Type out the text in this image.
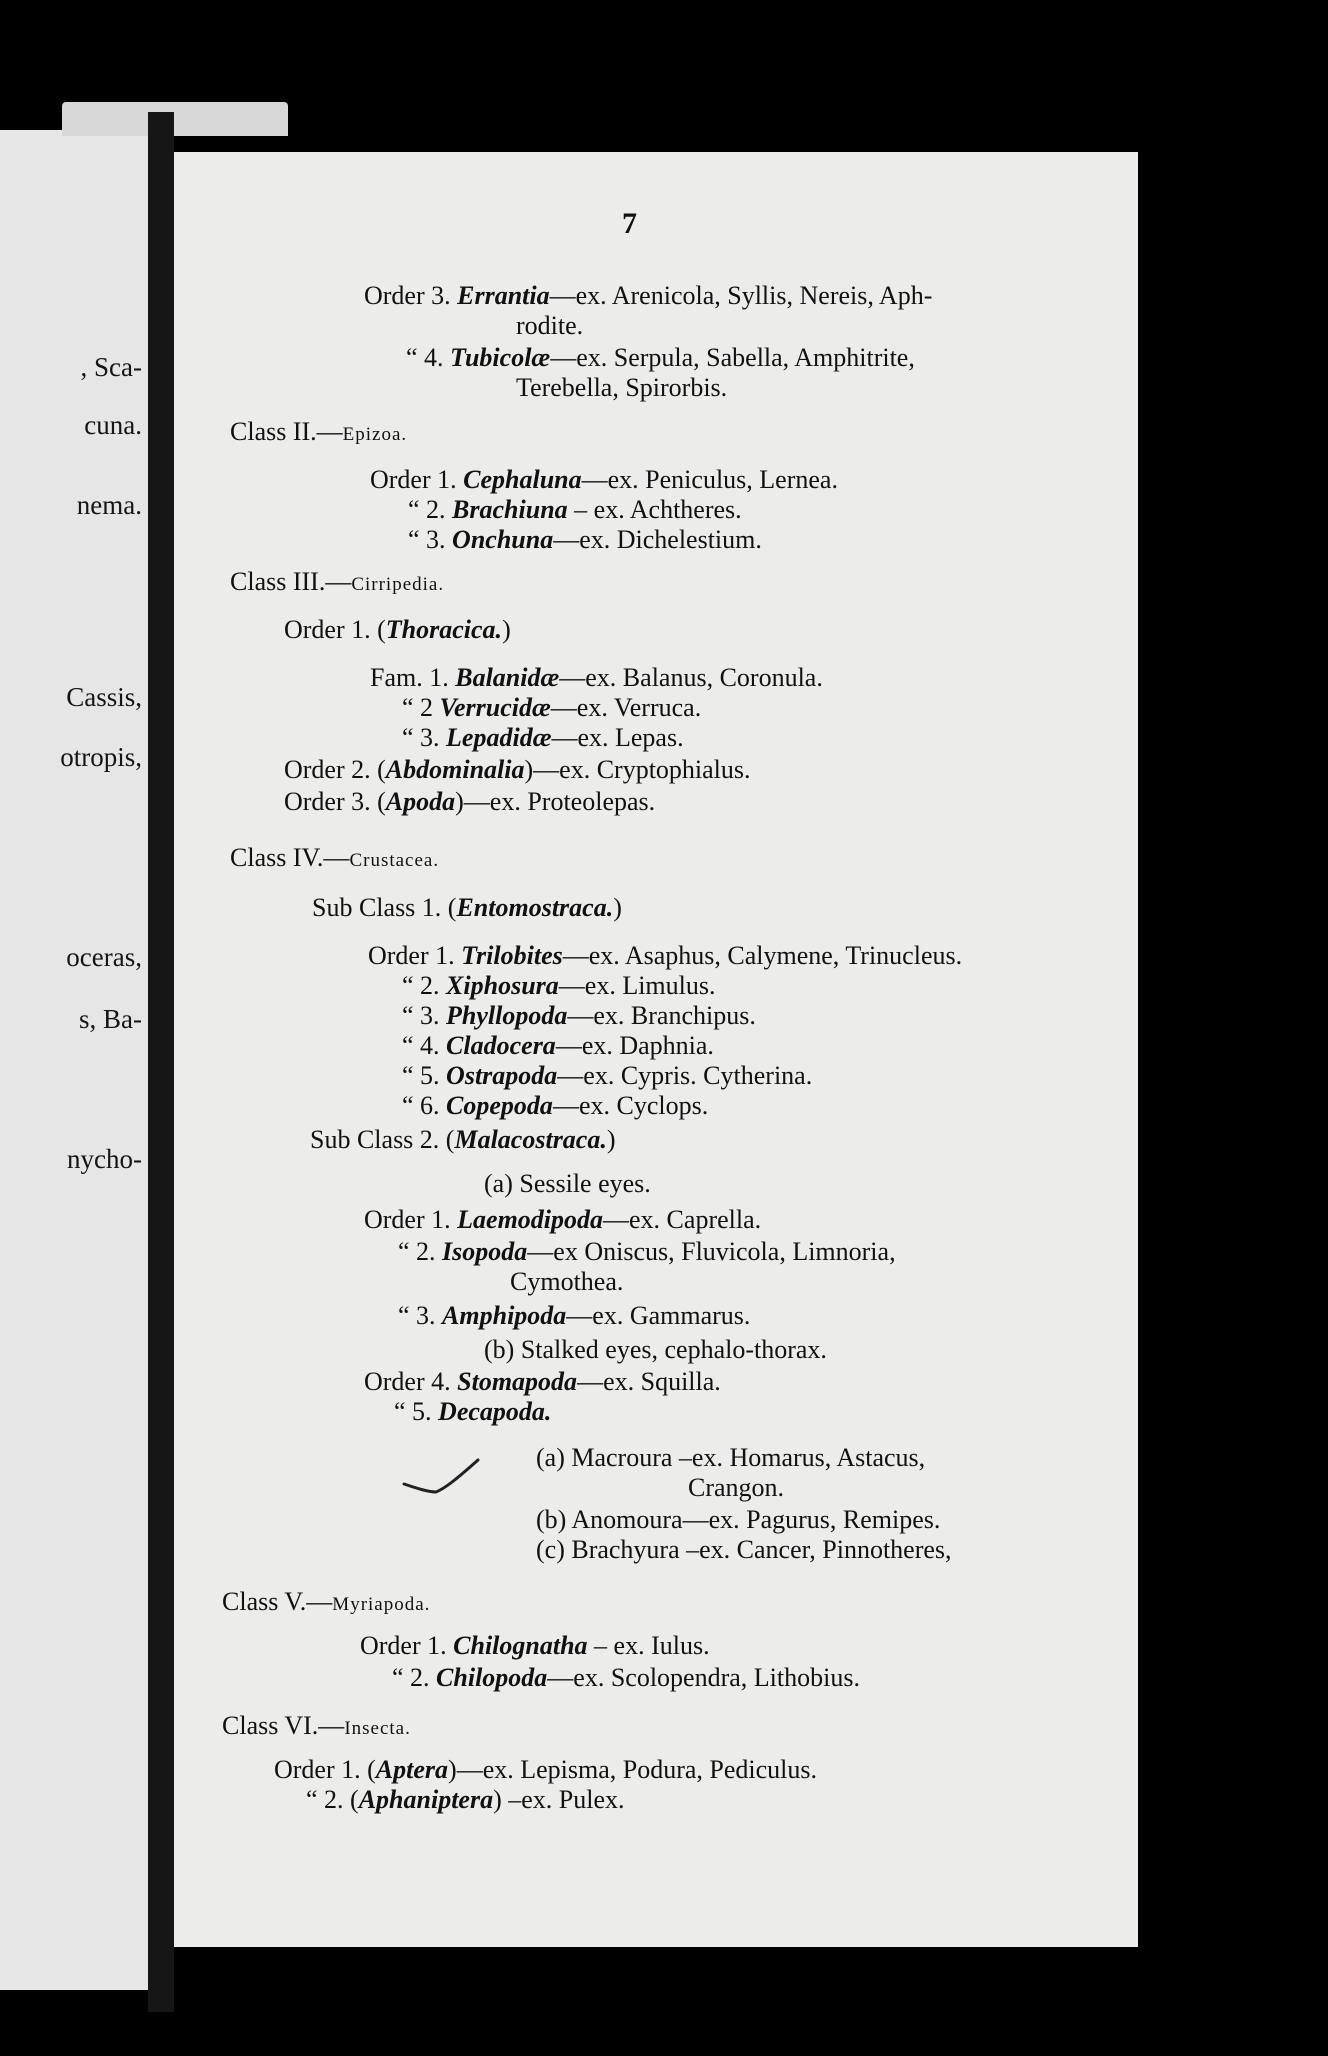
, Sca-
cuna.
nema.
Cassis,
otropis,
oceras,
s, Ba-
nycho-
7
Order 3. Errantia—ex. Arenicola, Syllis, Nereis, Aph-
rodite.
“ 4. Tubicolæ—ex. Serpula, Sabella, Amphitrite,
Terebella, Spirorbis.
Class II.—Epizoa.
Order 1. Cephaluna—ex. Peniculus, Lernea.
“ 2. Brachiuna – ex. Achtheres.
“ 3. Onchuna—ex. Dichelestium.
Class III.—Cirripedia.
Order 1. (Thoracica.)
Fam. 1. Balanidæ—ex. Balanus, Coronula.
“ 2 Verrucidæ—ex. Verruca.
“ 3. Lepadidæ—ex. Lepas.
Order 2. (Abdominalia)—ex. Cryptophialus.
Order 3. (Apoda)—ex. Proteolepas.
Class IV.—Crustacea.
Sub Class 1. (Entomostraca.)
Order 1. Trilobites—ex. Asaphus, Calymene, Trinucleus.
“ 2. Xiphosura—ex. Limulus.
“ 3. Phyllopoda—ex. Branchipus.
“ 4. Cladocera—ex. Daphnia.
“ 5. Ostrapoda—ex. Cypris. Cytherina.
“ 6. Copepoda—ex. Cyclops.
Sub Class 2. (Malacostraca.)
(a) Sessile eyes.
Order 1. Laemodipoda—ex. Caprella.
“ 2. Isopoda—ex Oniscus, Fluvicola, Limnoria,
Cymothea.
“ 3. Amphipoda—ex. Gammarus.
(b) Stalked eyes, cephalo-thorax.
Order 4. Stomapoda—ex. Squilla.
“ 5. Decapoda.
(a) Macroura –ex. Homarus, Astacus,
Crangon.
(b) Anomoura—ex. Pagurus, Remipes.
(c) Brachyura –ex. Cancer, Pinnotheres,
Class V.—Myriapoda.
Order 1. Chilognatha – ex. Iulus.
“ 2. Chilopoda—ex. Scolopendra, Lithobius.
Class VI.—Insecta.
Order 1. (Aptera)—ex. Lepisma, Podura, Pediculus.
“ 2. (Aphaniptera) –ex. Pulex.
